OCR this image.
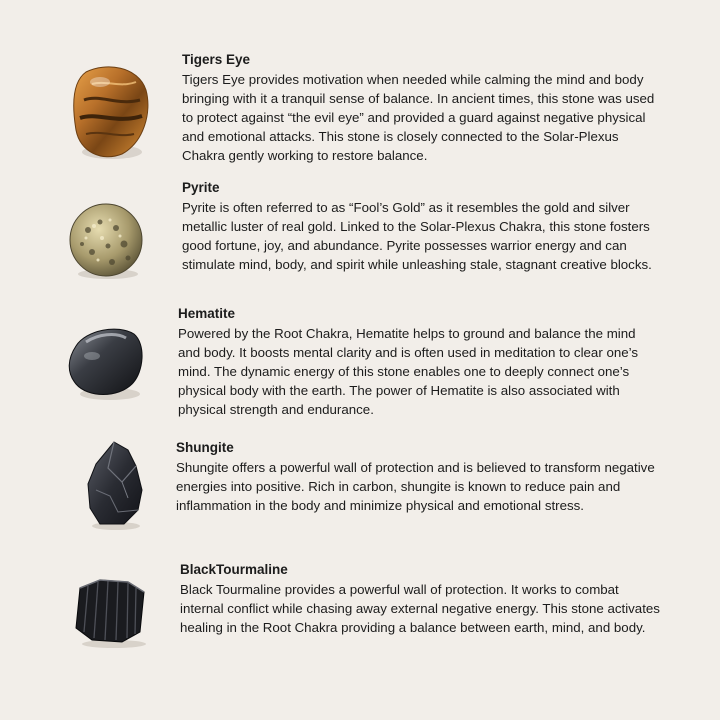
Tigers Eye
Tigers Eye provides motivation when needed while calming the mind and body bringing with it a tranquil sense of balance. In ancient times, this stone was used to protect against “the evil eye” and provided a guard against negative physical and emotional attacks. This stone is closely connected to the Solar-Plexus Chakra gently working to restore balance.
Pyrite
Pyrite is often referred to as “Fool’s Gold” as it resembles the gold and silver metallic luster of real gold. Linked to the Solar-Plexus Chakra, this stone fosters good fortune, joy, and abundance. Pyrite possesses warrior energy and can stimulate mind, body, and spirit while unleashing stale, stagnant creative blocks.
Hematite
Powered by the Root Chakra, Hematite helps to ground and balance the mind and body. It boosts mental clarity and is often used in meditation to clear one’s mind. The dynamic energy of this stone enables one to deeply connect one’s physical body with the earth. The power of Hematite is also associated with physical strength and endurance.
Shungite
Shungite offers a powerful wall of protection and is believed to transform negative energies into positive. Rich in carbon, shungite is known to reduce pain and inflammation in the body and minimize physical and emotional stress.
BlackTourmaline
Black Tourmaline provides a powerful wall of protection. It works to combat internal conflict while chasing away external negative energy. This stone activates healing in the Root Chakra providing a balance between earth, mind, and body.
